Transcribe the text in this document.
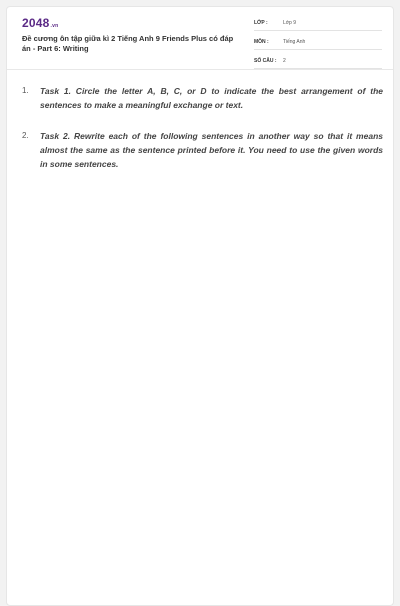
2048.vn
Đề cương ôn tập giữa kì 2 Tiếng Anh 9 Friends Plus có đáp án - Part 6: Writing
LỚP :	Lớp 9
MÔN :	Tiếng Anh
SỐ CÂU :	2
1.	Task 1. Circle the letter A, B, C, or D to indicate the best arrangement of the sentences to make a meaningful exchange or text.
2.	Task 2. Rewrite each of the following sentences in another way so that it means almost the same as the sentence printed before it. You need to use the given words in some sentences.
